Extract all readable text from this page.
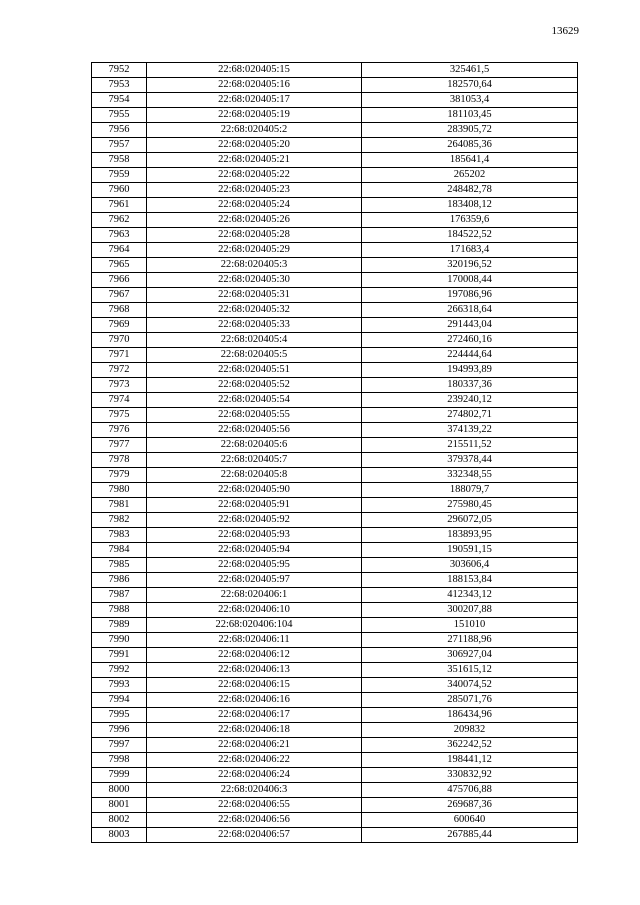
13629
7952	22:68:020405:15	325461,5
7953	22:68:020405:16	182570,64
7954	22:68:020405:17	381053,4
7955	22:68:020405:19	181103,45
7956	22:68:020405:2	283905,72
7957	22:68:020405:20	264085,36
7958	22:68:020405:21	185641,4
7959	22:68:020405:22	265202
7960	22:68:020405:23	248482,78
7961	22:68:020405:24	183408,12
7962	22:68:020405:26	176359,6
7963	22:68:020405:28	184522,52
7964	22:68:020405:29	171683,4
7965	22:68:020405:3	320196,52
7966	22:68:020405:30	170008,44
7967	22:68:020405:31	197086,96
7968	22:68:020405:32	266318,64
7969	22:68:020405:33	291443,04
7970	22:68:020405:4	272460,16
7971	22:68:020405:5	224444,64
7972	22:68:020405:51	194993,89
7973	22:68:020405:52	180337,36
7974	22:68:020405:54	239240,12
7975	22:68:020405:55	274802,71
7976	22:68:020405:56	374139,22
7977	22:68:020405:6	215511,52
7978	22:68:020405:7	379378,44
7979	22:68:020405:8	332348,55
7980	22:68:020405:90	188079,7
7981	22:68:020405:91	275980,45
7982	22:68:020405:92	296072,05
7983	22:68:020405:93	183893,95
7984	22:68:020405:94	190591,15
7985	22:68:020405:95	303606,4
7986	22:68:020405:97	188153,84
7987	22:68:020406:1	412343,12
7988	22:68:020406:10	300207,88
7989	22:68:020406:104	151010
7990	22:68:020406:11	271188,96
7991	22:68:020406:12	306927,04
7992	22:68:020406:13	351615,12
7993	22:68:020406:15	340074,52
7994	22:68:020406:16	285071,76
7995	22:68:020406:17	186434,96
7996	22:68:020406:18	209832
7997	22:68:020406:21	362242,52
7998	22:68:020406:22	198441,12
7999	22:68:020406:24	330832,92
8000	22:68:020406:3	475706,88
8001	22:68:020406:55	269687,36
8002	22:68:020406:56	600640
8003	22:68:020406:57	267885,44
